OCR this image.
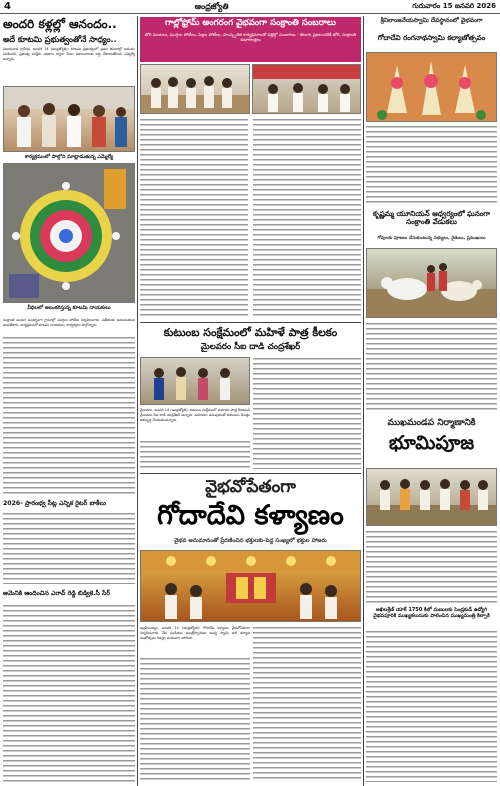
4	ఆంధ్రజ్యోతి	గురువారం 15 జనవరి 2026
అందరి కళ్లల్లో ఆనందం..
అదే కూటమి ప్రభుత్వంతోనే సాధ్యం..
విజయవాడ గ్రామీణ, జనవరి 14 (ఆంధ్రజ్యోతి): కూటమి ప్రభుత్వంలో ప్రజల జీవితాల్లో ఆనందం నిండిందని, ప్రభుత్వ సంక్షేమ పథకాల ద్వారా పేదల కుటుంబాలకు లబ్ధి చేకూరుతోందని ఎమ్మెల్యే అన్నారు.
కార్యక్రమంలో పాల్గొని మాట్లాడుతున్న ఎమ్మెల్యే
వీధిలలో అలంకరిస్తున్న కూటమి నాయకులు
సంక్రాంతి పండుగ సందర్భంగా గ్రామాల్లో ముగ్గుల పోటీలు నిర్వహించారు. విజేతలకు బహుమతులు అందజేశారు. కార్యక్రమంలో కూటమి నాయకులు, కార్యకర్తలు పాల్గొన్నారు.
2026- ప్రారంభ్వ సీట్ల ఎన్నిక రైటర్ బాకీలు
అమెనికి ఆందించిన ఎరావ్ రెడ్డి బిడ్వికె.సీ సేర్
గాల్లోఫ్రోమ్ అంగరంగ వైభవంగా సంక్రాంతి సంబరాలు
భోగి మంటలు, ముగ్గుల పోటీలు, పిల్లల పోటీలు, సాంస్కృతిక కార్యక్రమాలతో పల్లెల్లో సంబరాలు - తెలుగు ప్రజలందరికీ భోగి, సంక్రాంతి శుభాకాంక్షలు
కుటుంబ సంక్షేమంలో మహిళే పాత్ర కీలకం
మైలవరం సీఐ దాడి చంద్రశేఖర్
మైలవరం, జనవరి 14 (ఆంధ్రజ్యోతి): కుటుంబ సంక్షేమంలో మహిళల పాత్ర కీలకమని మైలవరం సీఐ దాడి చంద్రశేఖర్ అన్నారు. మహిళలు చదువుకుంటే కుటుంబం మొత్తం అభివృద్ధి చెందుతుందన్నారు.
వైభవోపేతంగా
గోదాదేవి కళ్యాణం
వైభవ అనుమానంతో ప్రేరణించిన భక్తులకు-పెద్ద సంఖ్యలో భక్తుల హాజరు
ఇబ్రహీంపట్నం, జనవరి 14 (ఆంధ్రజ్యోతి): గోదాదేవి కళ్యాణం వైభవోపేతంగా నిర్వహించారు. వేద పండితుల మంత్రోచ్చారణల మధ్య స్వామి వారి కల్యాణ మహోత్సవం కన్నుల పండువగా జరిగింది.
శ్రీనిలాంజనేయస్వామి దేవస్థానంలో వైభవంగా
గోదాదేవి రంగనాథస్వామి కల్యాణోత్సవం
కృష్ణమ్మ యూనియన్ ఆధ్వర్యంలో ఘనంగా సంక్రాంతి వేడుకలు
గోవులకు పూజలు చేసుకుంటున్న సభ్యులు, రైతులు, ప్రముఖులు
ముఖమండప నిర్మాణానికి
భూమిపూజ
అఖిలశ్రేణ్ యాక్ 1750 కిలో మణులకు సెండ్రకుడ్ ఉద్యోగి వైభవపూరికి ముఖ్యకలుసుకు పాలించిన ముఖ్యమంత్రి కిల్పాకి
